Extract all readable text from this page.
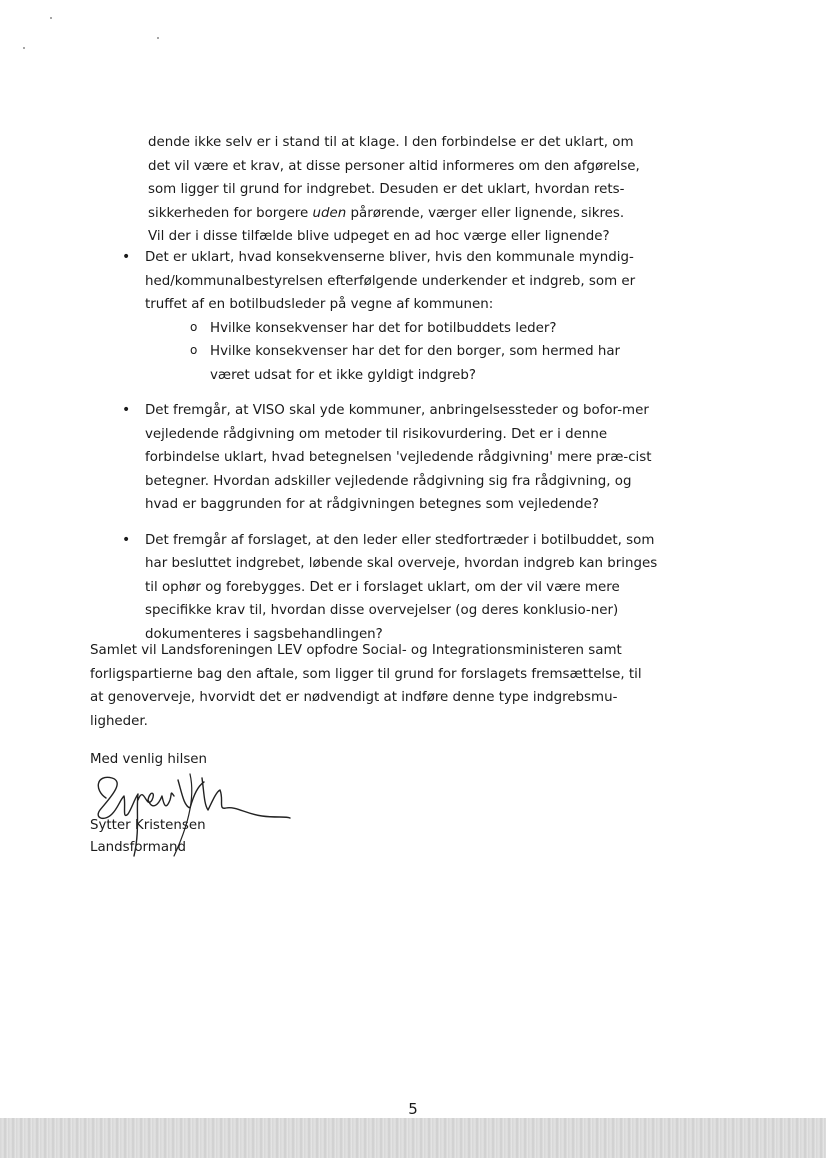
dende ikke selv er i stand til at klage. I den forbindelse er det uklart, om
det vil være et krav, at disse personer altid informeres om den afgørelse,
som ligger til grund for indgrebet. Desuden er det uklart, hvordan rets-
sikkerheden for borgere uden pårørende, værger eller lignende, sikres.
Vil der i disse tilfælde blive udpeget en ad hoc værge eller lignende?
• Det er uklart, hvad konsekvenserne bliver, hvis den kommunale myndig-hed/kommunalbestyrelsen efterfølgende underkender et indgreb, som er truffet af en botilbudsleder på vegne af kommunen:
o Hvilke konsekvenser har det for botilbuddets leder?
o Hvilke konsekvenser har det for den borger, som hermed har været udsat for et ikke gyldigt indgreb?
• Det fremgår, at VISO skal yde kommuner, anbringelsessteder og bofor-mer vejledende rådgivning om metoder til risikovurdering. Det er i denne forbindelse uklart, hvad betegnelsen 'vejledende rådgivning' mere præ-cist betegner. Hvordan adskiller vejledende rådgivning sig fra rådgivning, og hvad er baggrunden for at rådgivningen betegnes som vejledende?
• Det fremgår af forslaget, at den leder eller stedfortræder i botilbuddet, som har besluttet indgrebet, løbende skal overveje, hvordan indgreb kan bringes til ophør og forebygges. Det er i forslaget uklart, om der vil være mere specifikke krav til, hvordan disse overvejelser (og deres konklusio-ner) dokumenteres i sagsbehandlingen?

Samlet vil Landsforeningen LEV opfodre Social- og Integrationsministeren samt forligspartierne bag den aftale, som ligger til grund for forslagets fremsættelse, til at genoverveje, hvorvidt det er nødvendigt at indføre denne type indgrebsmu-ligheder.

Med venlig hilsen
Sytter Kristensen
Landsformand
5
